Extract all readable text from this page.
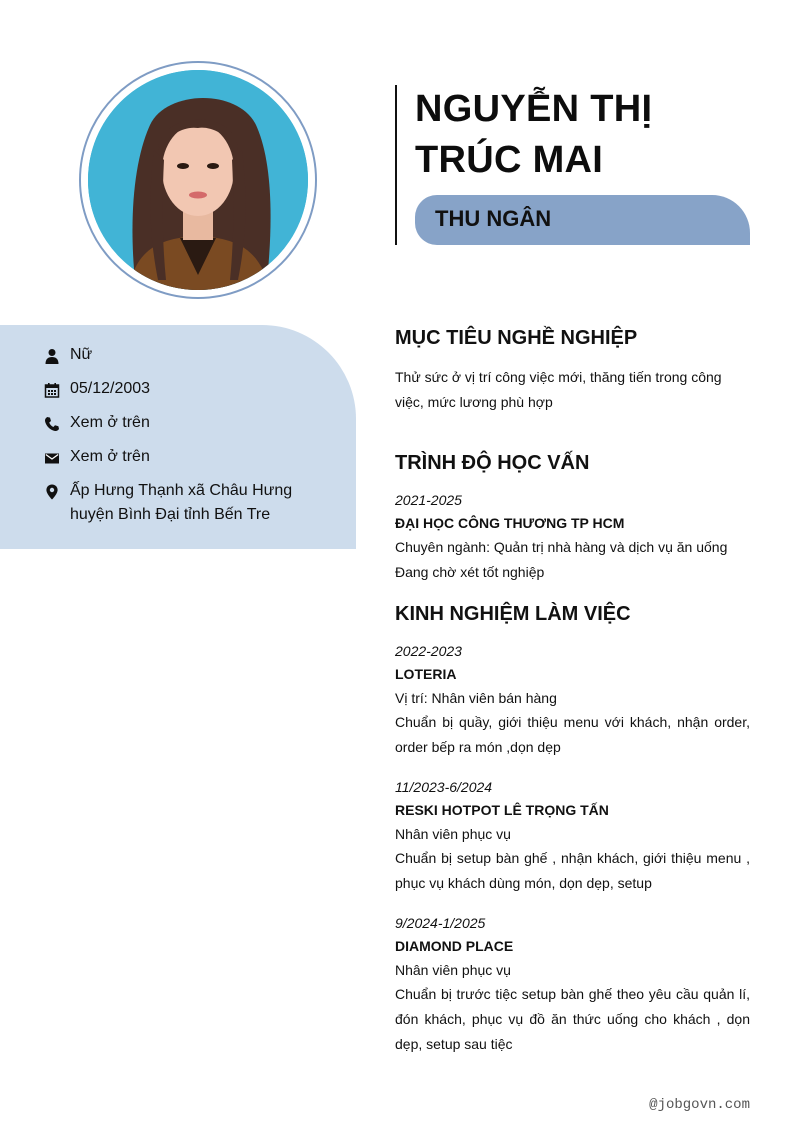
NGUYỄN THỊ
TRÚC MAI
THU NGÂN
Nữ
05/12/2003
Xem ở trên
Xem ở trên
Ấp Hưng Thạnh xã Châu Hưng
huyện Bình Đại tỉnh Bến Tre
MỤC TIÊU NGHỀ NGHIỆP
Thử sức ở vị trí công việc mới, thăng tiến trong công việc, mức lương phù hợp
TRÌNH ĐỘ HỌC VẤN
2021-2025
ĐẠI HỌC CÔNG THƯƠNG TP HCM
Chuyên ngành: Quản trị nhà hàng và dịch vụ ăn uống
Đang chờ xét tốt nghiệp
KINH NGHIỆM LÀM VIỆC
2022-2023
LOTERIA
Vị trí: Nhân viên bán hàng
Chuẩn bị quầy, giới thiệu menu với khách, nhận order, order bếp ra món ,dọn dẹp
11/2023-6/2024
RESKI HOTPOT LÊ TRỌNG TẤN
Nhân viên phục vụ
Chuẩn bị setup bàn ghế , nhận khách, giới thiệu menu , phục vụ khách dùng món, dọn dẹp, setup
9/2024-1/2025
DIAMOND PLACE
Nhân viên phục vụ
Chuẩn bị trước tiệc setup bàn ghế theo yêu cầu quản lí, đón khách, phục vụ đồ ăn thức uống cho khách , dọn dẹp, setup sau tiệc
@jobgovn.com
